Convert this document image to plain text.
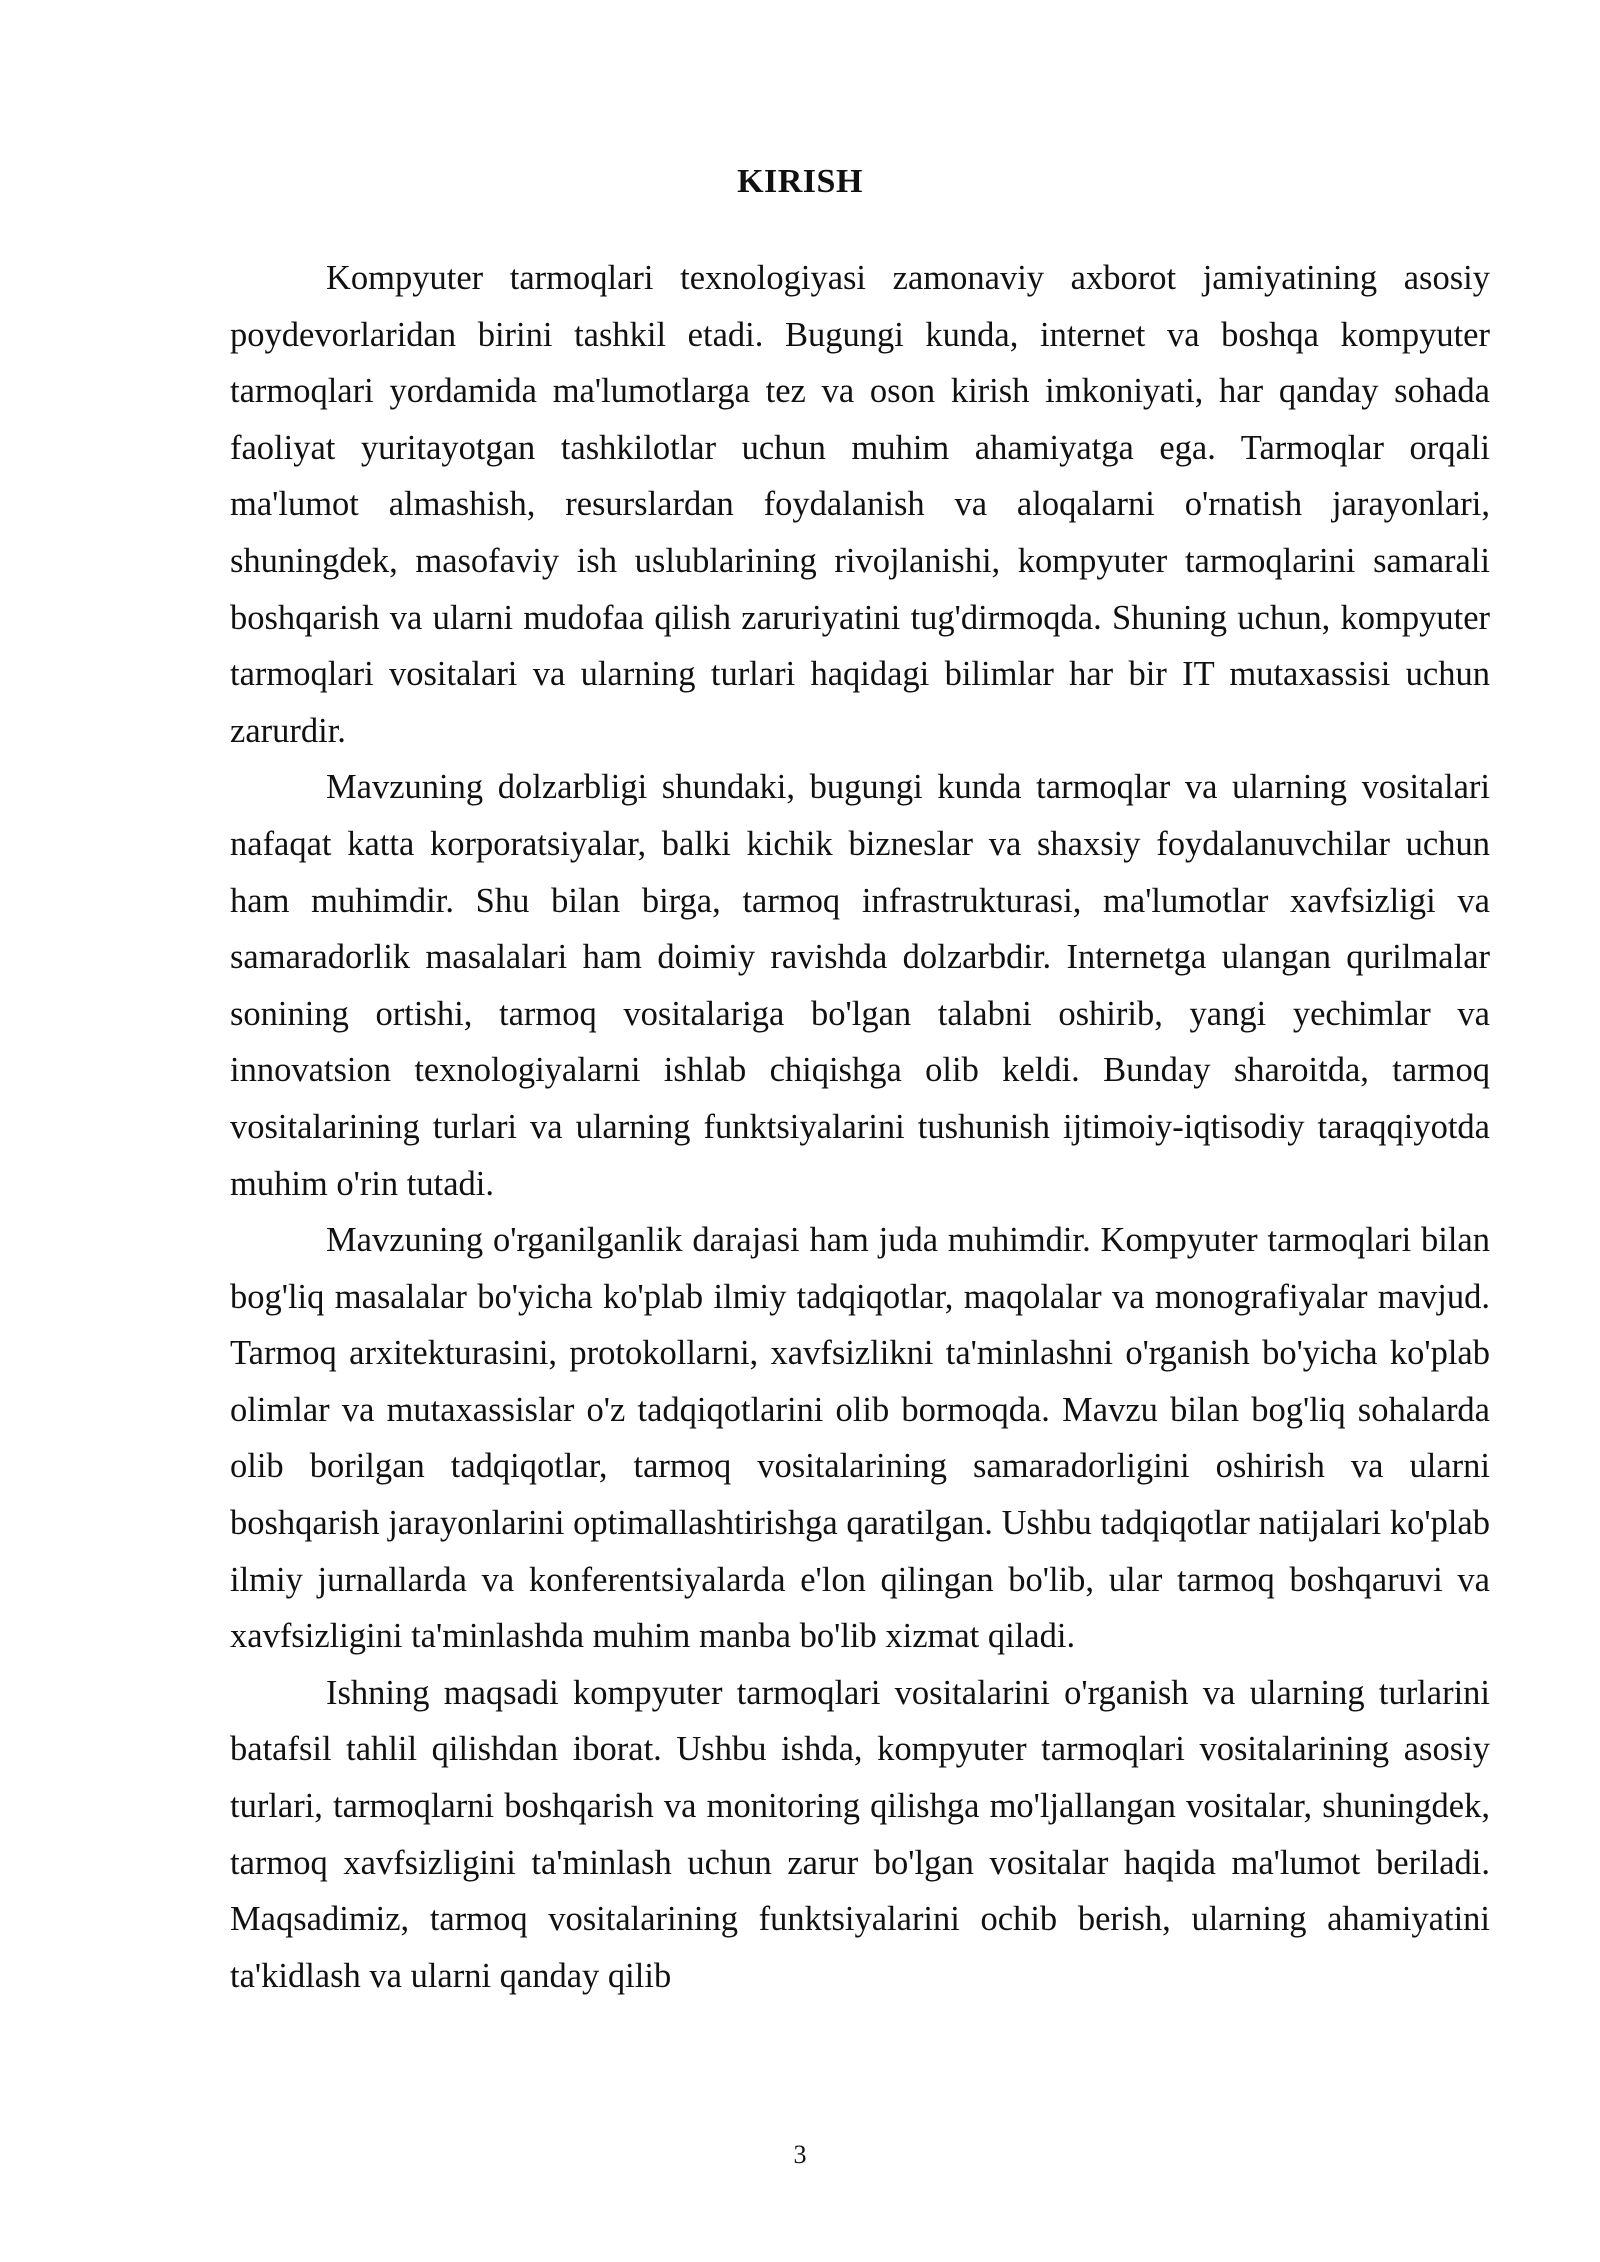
KIRISH

Kompyuter tarmoqlari texnologiyasi zamonaviy axborot jamiyatining asosiy poydevorlaridan birini tashkil etadi. Bugungi kunda, internet va boshqa kompyuter tarmoqlari yordamida ma'lumotlarga tez va oson kirish imkoniyati, har qanday sohada faoliyat yuritayotgan tashkilotlar uchun muhim ahamiyatga ega. Tarmoqlar orqali ma'lumot almashish, resurslardan foydalanish va aloqalarni o'rnatish jarayonlari, shuningdek, masofaviy ish uslublarining rivojlanishi, kompyuter tarmoqlarini samarali boshqarish va ularni mudofaa qilish zaruriyatini tug'dirmoqda. Shuning uchun, kompyuter tarmoqlari vositalari va ularning turlari haqidagi bilimlar har bir IT mutaxassisi uchun zarurdir.

Mavzuning dolzarbligi shundaki, bugungi kunda tarmoqlar va ularning vositalari nafaqat katta korporatsiyalar, balki kichik bizneslar va shaxsiy foydalanuvchilar uchun ham muhimdir. Shu bilan birga, tarmoq infrastrukturasi, ma'lumotlar xavfsizligi va samaradorlik masalalari ham doimiy ravishda dolzarbdir. Internetga ulangan qurilmalar sonining ortishi, tarmoq vositalariga bo'lgan talabni oshirib, yangi yechimlar va innovatsion texnologiyalarni ishlab chiqishga olib keldi. Bunday sharoitda, tarmoq vositalarining turlari va ularning funktsiyalarini tushunish ijtimoiy-iqtisodiy taraqqiyotda muhim o'rin tutadi.

Mavzuning o'rganilganlik darajasi ham juda muhimdir. Kompyuter tarmoqlari bilan bog'liq masalalar bo'yicha ko'plab ilmiy tadqiqotlar, maqolalar va monografiyalar mavjud. Tarmoq arxitekturasini, protokollarni, xavfsizlikni ta'minlashni o'rganish bo'yicha ko'plab olimlar va mutaxassislar o'z tadqiqotlarini olib bormoqda. Mavzu bilan bog'liq sohalarda olib borilgan tadqiqotlar, tarmoq vositalarining samaradorligini oshirish va ularni boshqarish jarayonlarini optimallashtirishga qaratilgan. Ushbu tadqiqotlar natijalari ko'plab ilmiy jurnallarda va konferentsiyalarda e'lon qilingan bo'lib, ular tarmoq boshqaruvi va xavfsizligini ta'minlashda muhim manba bo'lib xizmat qiladi.

Ishning maqsadi kompyuter tarmoqlari vositalarini o'rganish va ularning turlarini batafsil tahlil qilishdan iborat. Ushbu ishda, kompyuter tarmoqlari vositalarining asosiy turlari, tarmoqlarni boshqarish va monitoring qilishga mo'ljallangan vositalar, shuningdek, tarmoq xavfsizligini ta'minlash uchun zarur bo'lgan vositalar haqida ma'lumot beriladi. Maqsadimiz, tarmoq vositalarining funktsiyalarini ochib berish, ularning ahamiyatini ta'kidlash va ularni qanday qilib

3
